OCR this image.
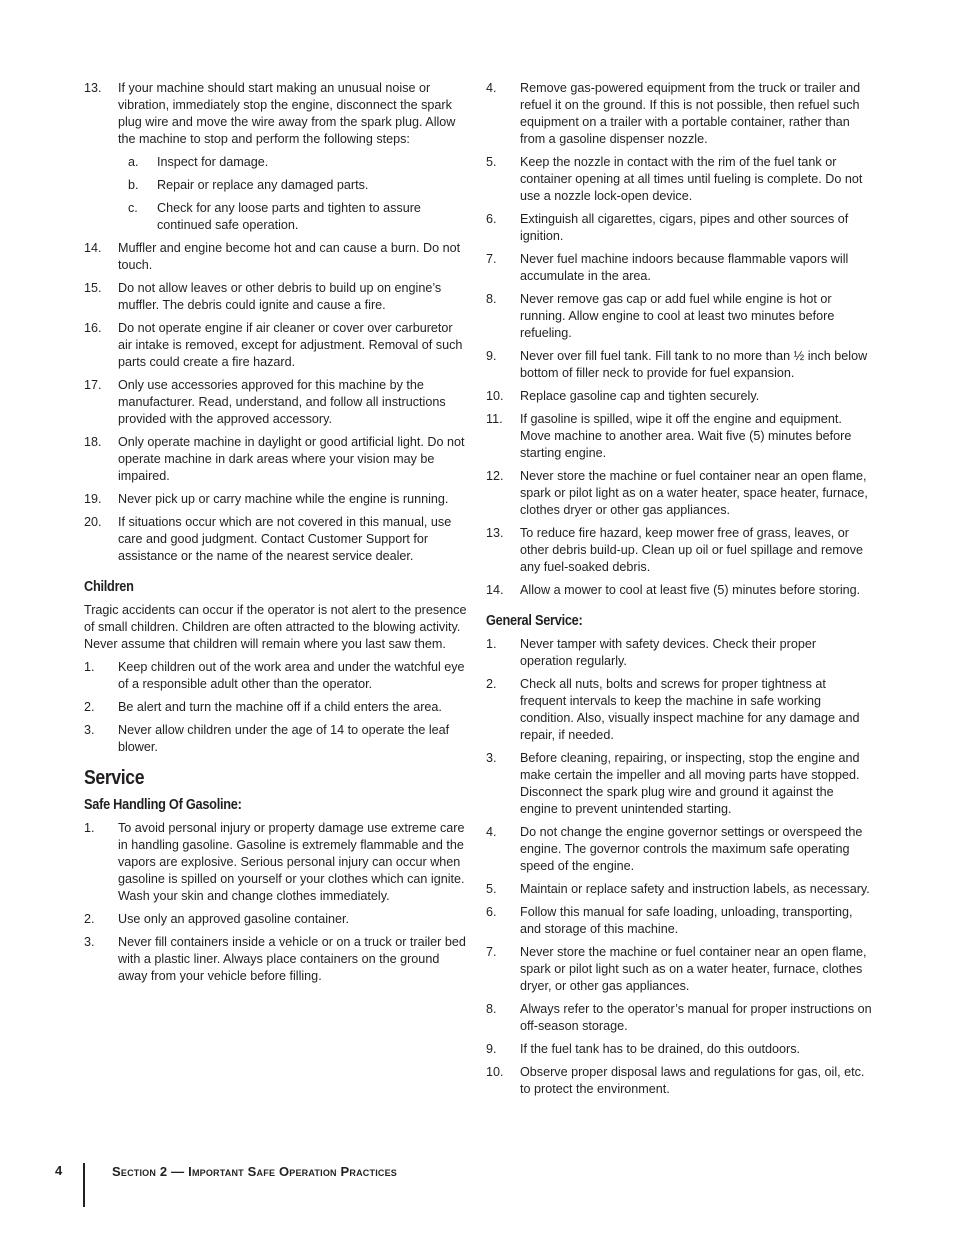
13.	If your machine should start making an unusual noise or vibration, immediately stop the engine, disconnect the spark plug wire and move the wire away from the spark plug. Allow the machine to stop and perform the following steps:
a.	Inspect for damage.
b.	Repair or replace any damaged parts.
c.	Check for any loose parts and tighten to assure continued safe operation.
14.	Muffler and engine become hot and can cause a burn. Do not touch.
15.	Do not allow leaves or other debris to build up on engine’s muffler. The debris could ignite and cause a fire.
16.	Do not operate engine if air cleaner or cover over carburetor air intake is removed, except for adjustment. Removal of such parts could create a fire hazard.
17.	Only use accessories approved for this machine by the manufacturer. Read, understand, and follow all instructions provided with the approved accessory.
18.	Only operate machine in daylight or good artificial light. Do not operate machine in dark areas where your vision may be impaired.
19.	Never pick up or carry machine while the engine is running.
20.	If situations occur which are not covered in this manual, use care and good judgment. Contact Customer Support for assistance or the name of the nearest service dealer.
Children

Tragic accidents can occur if the operator is not alert to the presence of small children. Children are often attracted to the blowing activity. Never assume that children will remain where you last saw them.

1.	Keep children out of the work area and under the watchful eye of a responsible adult other than the operator.
2.	Be alert and turn the machine off if a child enters the area.
3.	Never allow children under the age of 14 to operate the leaf blower.
Service
Safe Handling Of Gasoline:
1.	To avoid personal injury or property damage use extreme care in handling gasoline. Gasoline is extremely flammable and the vapors are explosive. Serious personal injury can occur when gasoline is spilled on yourself or your clothes which can ignite. Wash your skin and change clothes immediately.
2.	Use only an approved gasoline container.
3.	Never fill containers inside a vehicle or on a truck or trailer bed with a plastic liner. Always place containers on the ground away from your vehicle before filling.
4.	Remove gas-powered equipment from the truck or trailer and refuel it on the ground. If this is not possible, then refuel such equipment on a trailer with a portable container, rather than from a gasoline dispenser nozzle.
5.	Keep the nozzle in contact with the rim of the fuel tank or container opening at all times until fueling is complete. Do not use a nozzle lock-open device.
6.	Extinguish all cigarettes, cigars, pipes and other sources of ignition.
7.	Never fuel machine indoors because flammable vapors will accumulate in the area.
8.	Never remove gas cap or add fuel while engine is hot or running. Allow engine to cool at least two minutes before refueling.
9.	Never over fill fuel tank. Fill tank to no more than ½ inch below bottom of filler neck to provide for fuel expansion.
10.	Replace gasoline cap and tighten securely.
11.	If gasoline is spilled, wipe it off the engine and equipment. Move machine to another area. Wait five (5) minutes before starting engine.
12.	Never store the machine or fuel container near an open flame, spark or pilot light as on a water heater, space heater, furnace, clothes dryer or other gas appliances.
13.	To reduce fire hazard, keep mower free of grass, leaves, or other debris build-up. Clean up oil or fuel spillage and remove any fuel-soaked debris.
14.	Allow a mower to cool at least five (5) minutes before storing.
General Service:
1.	Never tamper with safety devices. Check their proper operation regularly.
2.	Check all nuts, bolts and screws for proper tightness at frequent intervals to keep the machine in safe working condition. Also, visually inspect machine for any damage and repair, if needed.
3.	Before cleaning, repairing, or inspecting, stop the engine and make certain the impeller and all moving parts have stopped. Disconnect the spark plug wire and ground it against the engine to prevent unintended starting.
4.	Do not change the engine governor settings or overspeed the engine. The governor controls the maximum safe operating speed of the engine.
5.	Maintain or replace safety and instruction labels, as necessary.
6.	Follow this manual for safe loading, unloading, transporting, and storage of this machine.
7.	Never store the machine or fuel container near an open flame, spark or pilot light such as on a water heater, furnace, clothes dryer, or other gas appliances.
8.	Always refer to the operator’s manual for proper instructions on off-season storage.
9.	If the fuel tank has to be drained, do this outdoors.
10.	Observe proper disposal laws and regulations for gas, oil, etc. to protect the environment.
4	Section 2 — Important Safe Operation Practices
